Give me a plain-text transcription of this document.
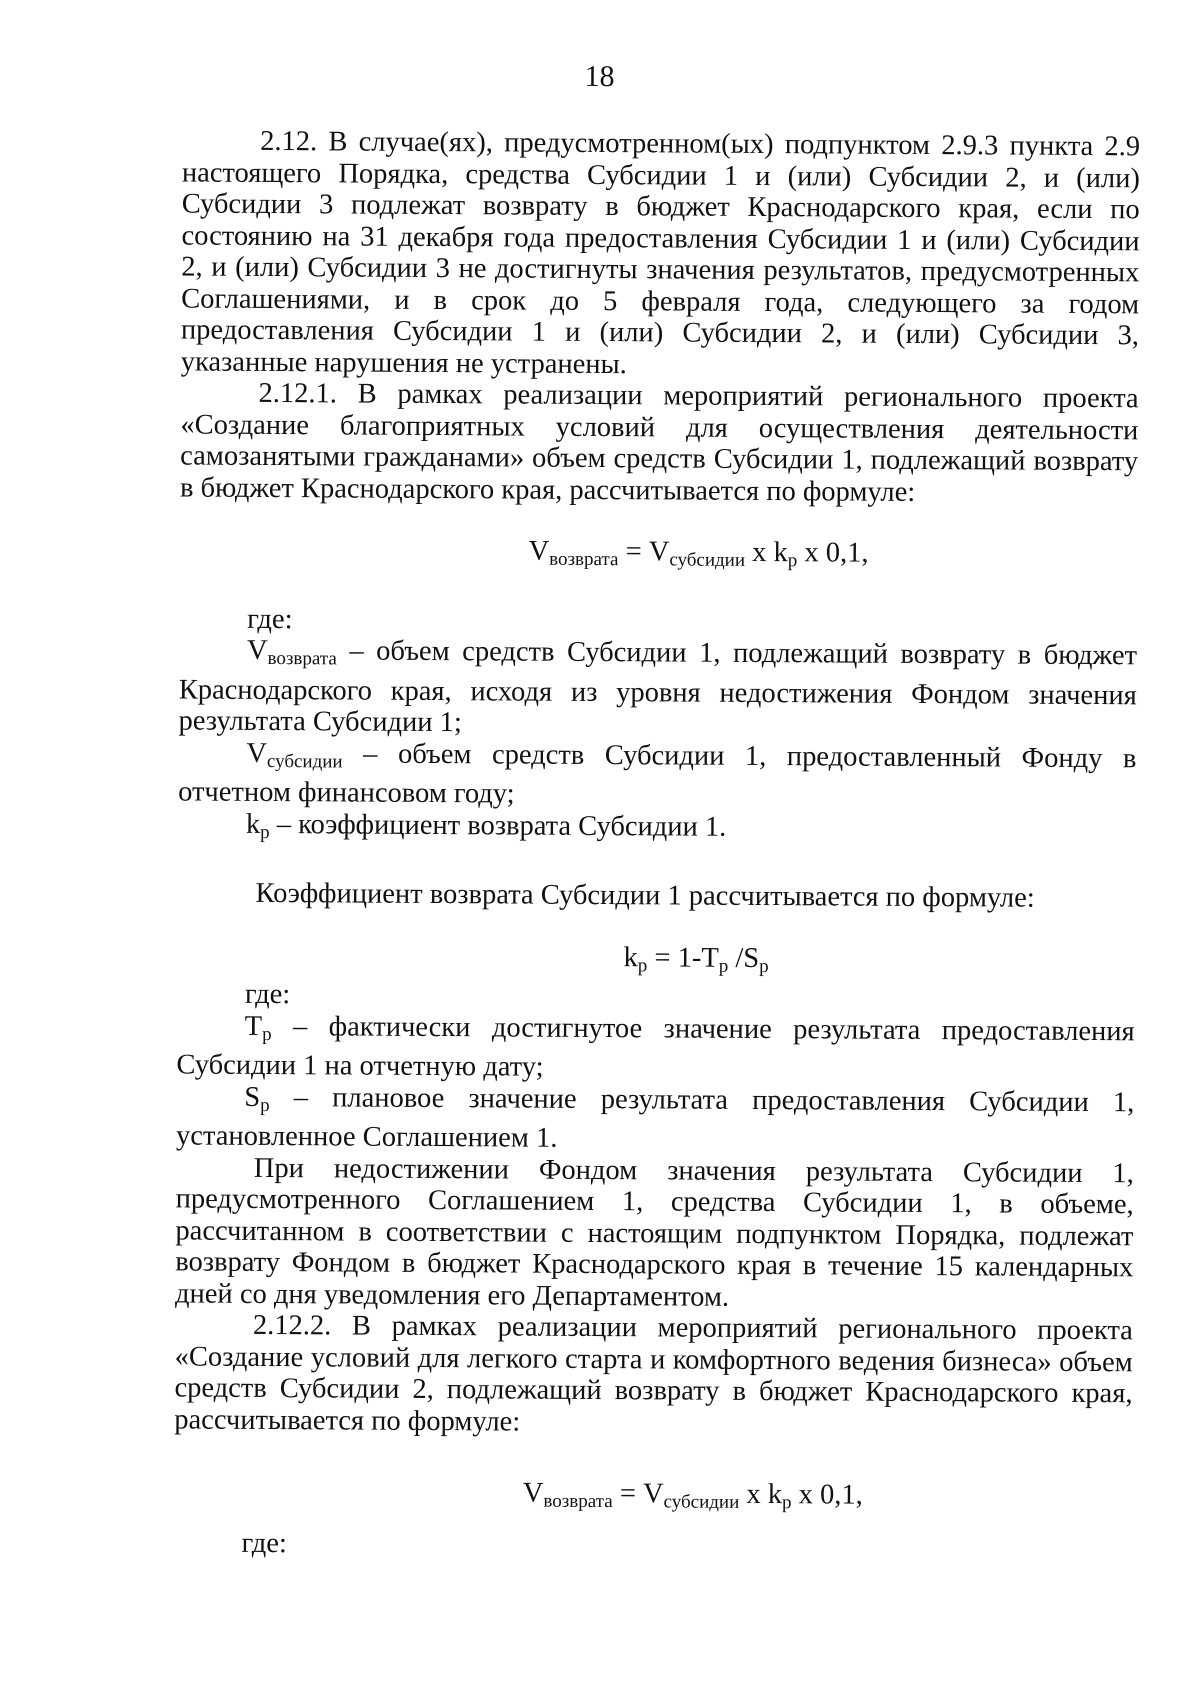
18

2.12. В случае(ях), предусмотренном(ых) подпунктом 2.9.3 пункта 2.9 настоящего Порядка, средства Субсидии 1 и (или) Субсидии 2, и (или) Субсидии 3 подлежат возврату в бюджет Краснодарского края, если по состоянию на 31 декабря года предоставления Субсидии 1 и (или) Субсидии 2, и (или) Субсидии 3 не достигнуты значения результатов, предусмотренных Соглашениями, и в срок до 5 февраля года, следующего за годом предоставления Субсидии 1 и (или) Субсидии 2, и (или) Субсидии 3, указанные нарушения не устранены.

2.12.1. В рамках реализации мероприятий регионального проекта «Создание благоприятных условий для осуществления деятельности самозанятыми гражданами» объем средств Субсидии 1, подлежащий возврату в бюджет Краснодарского края, рассчитывается по формуле:

$V_{возврата} = V_{субсидии}$ x $k_р$ x 0,1,

где:

$V_{возврата}$ – объем средств Субсидии 1, подлежащий возврату в бюджет Краснодарского края, исходя из уровня недостижения Фондом значения результата Субсидии 1;

$V_{субсидии}$ – объем средств Субсидии 1, предоставленный Фонду в отчетном финансовом году;

$k_р$ – коэффициент возврата Субсидии 1.

Коэффициент возврата Субсидии 1 рассчитывается по формуле:

$k_р = 1-T_р$ $/S_р$

где:

$T_р$ – фактически достигнутое значение результата предоставления Субсидии 1 на отчетную дату;

$S_р$ – плановое значение результата предоставления Субсидии 1, установленное Соглашением 1.

При недостижении Фондом значения результата Субсидии 1, предусмотренного Соглашением 1, средства Субсидии 1, в объеме, рассчитанном в соответствии с настоящим подпунктом Порядка, подлежат возврату Фондом в бюджет Краснодарского края в течение 15 календарных дней со дня уведомления его Департаментом.

2.12.2. В рамках реализации мероприятий регионального проекта «Создание условий для легкого старта и комфортного ведения бизнеса» объем средств Субсидии 2, подлежащий возврату в бюджет Краснодарского края, рассчитывается по формуле:

$V_{возврата} = V_{субсидии}$ x $k_р$ x 0,1,

где:
